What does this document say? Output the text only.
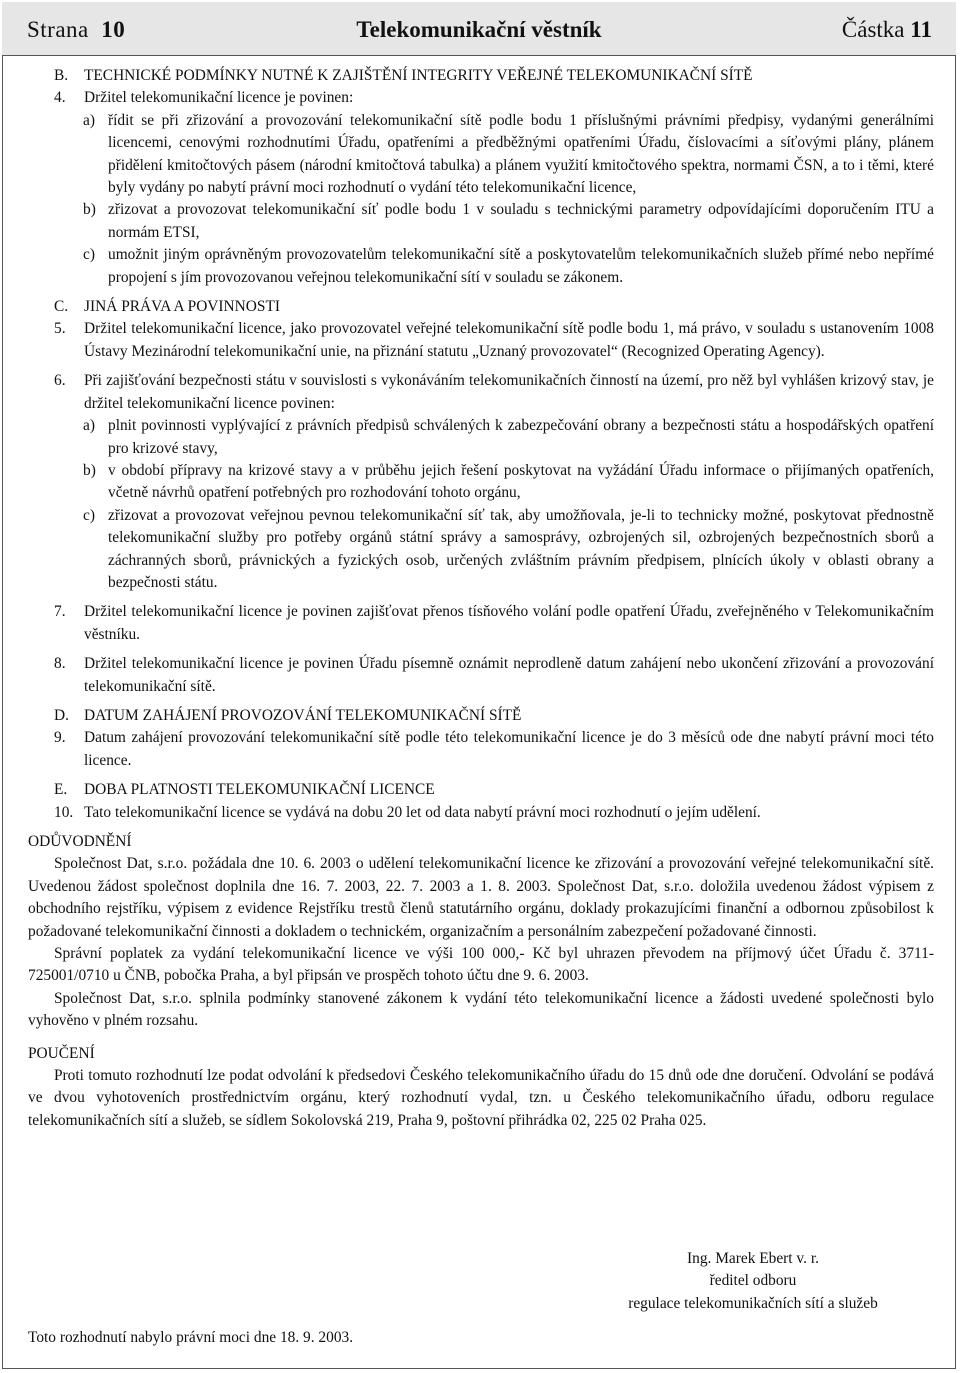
Strana 10	Telekomunikační věstník	Částka 11

B. TECHNICKÉ PODMÍNKY NUTNÉ K ZAJIŠTĚNÍ INTEGRITY VEŘEJNÉ TELEKOMUNIKAČNÍ SÍTĚ

4. Držitel telekomunikační licence je povinen:

a) řídit se při zřizování a provozování telekomunikační sítě podle bodu 1 příslušnými právními předpisy, vydanými generálními licencemi, cenovými rozhodnutími Úřadu, opatřeními a předběžnými opatřeními Úřadu, číslovacími a síťovými plány, plánem přidělení kmitočtových pásem (národní kmitočtová tabulka) a plánem využití kmitočtového spektra, normami ČSN, a to i těmi, které byly vydány po nabytí právní moci rozhodnutí o vydání této telekomunikační licence,

b) zřizovat a provozovat telekomunikační síť podle bodu 1 v souladu s technickými parametry odpovídajícími doporučením ITU a normám ETSI,

c) umožnit jiným oprávněným provozovatelům telekomunikační sítě a poskytovatelům telekomunikačních služeb přímé nebo nepřímé propojení s jím provozovanou veřejnou telekomunikační sítí v souladu se zákonem.

C. JINÁ PRÁVA A POVINNOSTI

5. Držitel telekomunikační licence, jako provozovatel veřejné telekomunikační sítě podle bodu 1, má právo, v souladu s ustanovením 1008 Ústavy Mezinárodní telekomunikační unie, na přiznání statutu „Uznaný provozovatel“ (Recognized Operating Agency).

6. Při zajišťování bezpečnosti státu v souvislosti s vykonáváním telekomunikačních činností na území, pro něž byl vyhlášen krizový stav, je držitel telekomunikační licence povinen:

a) plnit povinnosti vyplývající z právních předpisů schválených k zabezpečování obrany a bezpečnosti státu a hospodářských opatření pro krizové stavy,

b) v období přípravy na krizové stavy a v průběhu jejich řešení poskytovat na vyžádání Úřadu informace o přijímaných opatřeních, včetně návrhů opatření potřebných pro rozhodování tohoto orgánu,

c) zřizovat a provozovat veřejnou pevnou telekomunikační síť tak, aby umožňovala, je-li to technicky možné, poskytovat přednostně telekomunikační služby pro potřeby orgánů státní správy a samosprávy, ozbrojených sil, ozbrojených bezpečnostních sborů a záchranných sborů, právnických a fyzických osob, určených zvláštním právním předpisem, plnících úkoly v oblasti obrany a bezpečnosti státu.

7. Držitel telekomunikační licence je povinen zajišťovat přenos tísňového volání podle opatření Úřadu, zveřejněného v Telekomunikačním věstníku.

8. Držitel telekomunikační licence je povinen Úřadu písemně oznámit neprodleně datum zahájení nebo ukončení zřizování a provozování telekomunikační sítě.

D. DATUM ZAHÁJENÍ PROVOZOVÁNÍ TELEKOMUNIKAČNÍ SÍTĚ

9. Datum zahájení provozování telekomunikační sítě podle této telekomunikační licence je do 3 měsíců ode dne nabytí právní moci této licence.

E. DOBA PLATNOSTI TELEKOMUNIKAČNÍ LICENCE

10. Tato telekomunikační licence se vydává na dobu 20 let od data nabytí právní moci rozhodnutí o jejím udělení.

ODŮVODNĚNÍ

Společnost Dat, s.r.o. požádala dne 10. 6. 2003 o udělení telekomunikační licence ke zřizování a provozování veřejné telekomunikační sítě. Uvedenou žádost společnost doplnila dne 16. 7. 2003, 22. 7. 2003 a 1. 8. 2003. Společnost Dat, s.r.o. doložila uvedenou žádost výpisem z obchodního rejstříku, výpisem z evidence Rejstříku trestů členů statutárního orgánu, doklady prokazujícími finanční a odbornou způsobilost k požadované telekomunikační činnosti a dokladem o technickém, organizačním a personálním zabezpečení požadované činnosti.

Správní poplatek za vydání telekomunikační licence ve výši 100 000,- Kč byl uhrazen převodem na příjmový účet Úřadu č. 3711-725001/0710 u ČNB, pobočka Praha, a byl připsán ve prospěch tohoto účtu dne 9. 6. 2003.

Společnost Dat, s.r.o. splnila podmínky stanovené zákonem k vydání této telekomunikační licence a žádosti uvedené společnosti bylo vyhověno v plném rozsahu.

POUČENÍ

Proti tomuto rozhodnutí lze podat odvolání k předsedovi Českého telekomunikačního úřadu do 15 dnů ode dne doručení. Odvolání se podává ve dvou vyhotoveních prostřednictvím orgánu, který rozhodnutí vydal, tzn. u Českého telekomunikačního úřadu, odboru regulace telekomunikačních sítí a služeb, se sídlem Sokolovská 219, Praha 9, poštovní přihrádka 02, 225 02 Praha 025.

Ing. Marek Ebert v. r.
ředitel odboru
regulace telekomunikačních sítí a služeb
Toto rozhodnutí nabylo právní moci dne 18. 9. 2003.
